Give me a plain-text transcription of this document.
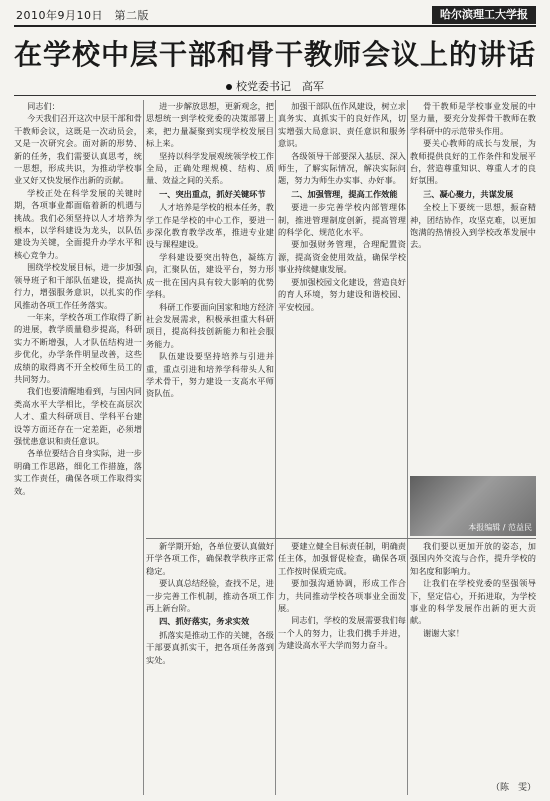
2010年9月10日　第二版	哈尔滨理工大学报
在学校中层干部和骨干教师会议上的讲话
校党委书记　高军

同志们：

今天我们召开这次中层干部和骨干教师会议，这既是一次动员会，又是一次研究会。面对新的形势、新的任务，我们需要认真思考，统一思想，形成共识，为推动学校事业又好又快发展作出新的贡献。

学校正处在科学发展的关键时期，各项事业都面临着新的机遇与挑战。我们必须坚持以人才培养为根本，以学科建设为龙头，以队伍建设为关键，全面提升办学水平和核心竞争力。

围绕学校发展目标，进一步加强领导班子和干部队伍建设，提高执行力，增强服务意识，以扎实的作风推动各项工作任务落实。

一年来，学校各项工作取得了新的进展，教学质量稳步提高，科研实力不断增强，人才队伍结构进一步优化，办学条件明显改善，这些成绩的取得离不开全校师生员工的共同努力。

我们也要清醒地看到，与国内同类高水平大学相比，学校在高层次人才、重大科研项目、学科平台建设等方面还存在一定差距，必须增强忧患意识和责任意识。

各单位要结合自身实际，进一步明确工作思路，细化工作措施，落实工作责任，确保各项工作取得实效。

进一步解放思想，更新观念，把思想统一到学校党委的决策部署上来，把力量凝聚到实现学校发展目标上来。

坚持以科学发展观统领学校工作全局，正确处理规模、结构、质量、效益之间的关系。

一、突出重点，抓好关键环节

人才培养是学校的根本任务，教学工作是学校的中心工作，要进一步深化教育教学改革，推进专业建设与课程建设。

学科建设要突出特色，凝练方向，汇聚队伍，建设平台，努力形成一批在国内具有较大影响的优势学科。

科研工作要面向国家和地方经济社会发展需求，积极承担重大科研项目，提高科技创新能力和社会服务能力。

队伍建设要坚持培养与引进并重，重点引进和培养学科带头人和学术骨干，努力建设一支高水平师资队伍。

加强干部队伍作风建设，树立求真务实、真抓实干的良好作风，切实增强大局意识、责任意识和服务意识。

各级领导干部要深入基层、深入师生，了解实际情况，解决实际问题，努力为师生办实事、办好事。

二、加强管理，提高工作效能

要进一步完善学校内部管理体制，推进管理制度创新，提高管理的科学化、规范化水平。

要加强财务管理，合理配置资源，提高资金使用效益，确保学校事业持续健康发展。

要加强校园文化建设，营造良好的育人环境，努力建设和谐校园、平安校园。

骨干教师是学校事业发展的中坚力量，要充分发挥骨干教师在教学科研中的示范带头作用。

要关心教师的成长与发展，为教师提供良好的工作条件和发展平台，营造尊重知识、尊重人才的良好氛围。

三、凝心聚力，共谋发展

全校上下要统一思想，振奋精神，团结协作，攻坚克难，以更加饱满的热情投入到学校改革发展中去。

本报编辑 / 范益民

新学期开始，各单位要认真做好开学各项工作，确保教学秩序正常稳定。

要认真总结经验，查找不足，进一步完善工作机制，推动各项工作再上新台阶。

四、抓好落实，务求实效

抓落实是推动工作的关键，各级干部要真抓实干，把各项任务落到实处。

要建立健全目标责任制，明确责任主体，加强督促检查，确保各项工作按时保质完成。

要加强沟通协调，形成工作合力，共同推动学校各项事业全面发展。

同志们，学校的发展需要我们每一个人的努力，让我们携手并进，为建设高水平大学而努力奋斗。

我们要以更加开放的姿态，加强国内外交流与合作，提升学校的知名度和影响力。

让我们在学校党委的坚强领导下，坚定信心，开拓进取，为学校事业的科学发展作出新的更大贡献。

谢谢大家！

（陈　雯）
